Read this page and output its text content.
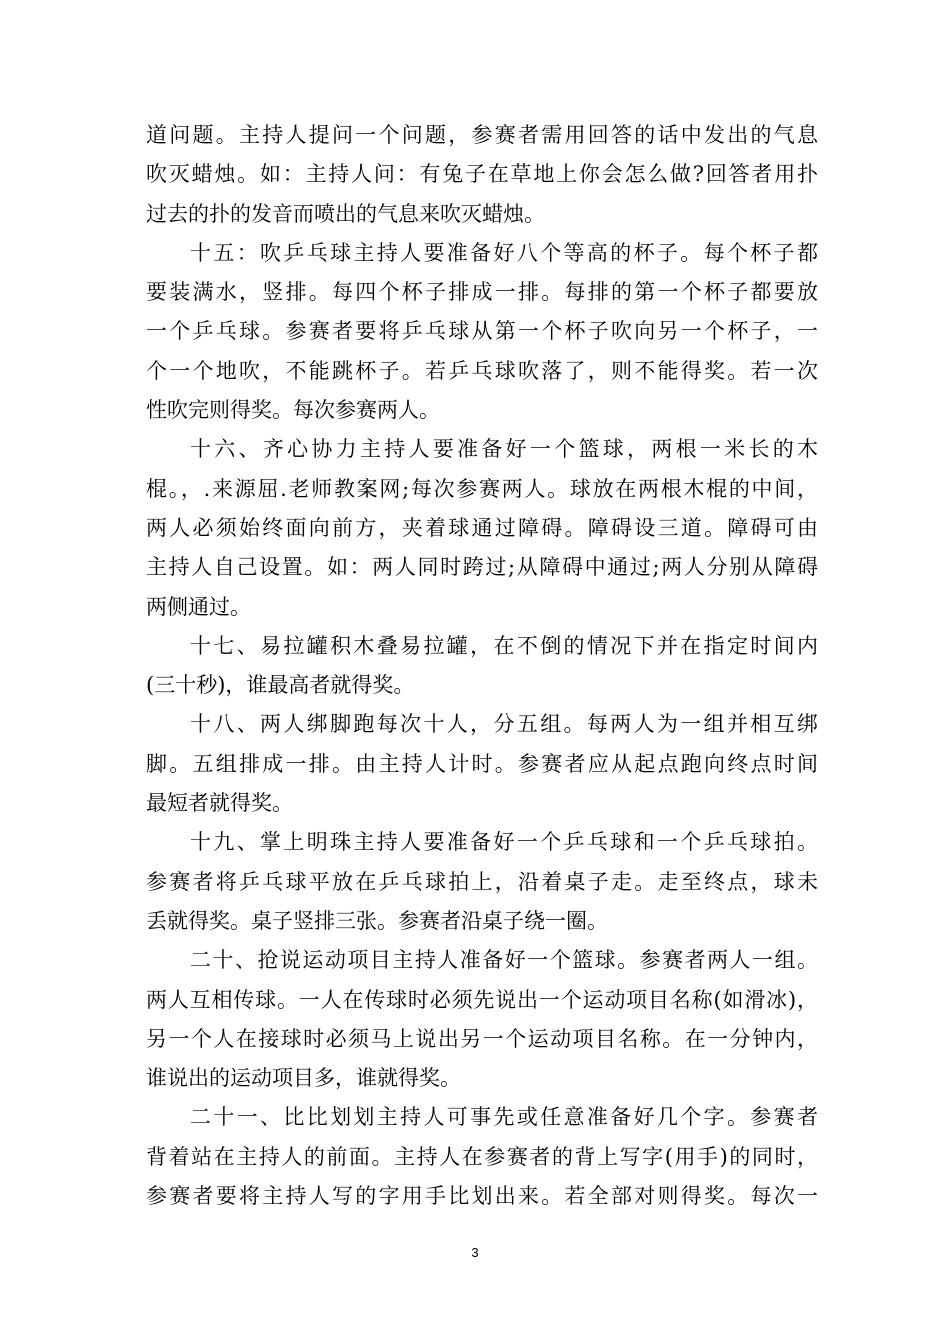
道问题。主持人提问一个问题，参赛者需用回答的话中发出的气息
吹灭蜡烛。如：主持人问：有兔子在草地上你会怎么做?回答者用扑
过去的扑的发音而喷出的气息来吹灭蜡烛。
十五：吹乒乓球主持人要准备好八个等高的杯子。每个杯子都
要装满水，竖排。每四个杯子排成一排。每排的第一个杯子都要放
一个乒乓球。参赛者要将乒乓球从第一个杯子吹向另一个杯子，一
个一个地吹，不能跳杯子。若乒乓球吹落了，则不能得奖。若一次
性吹完则得奖。每次参赛两人。
十六、齐心协力主持人要准备好一个篮球，两根一米长的木
棍。，.来源屈.老师教案网;每次参赛两人。球放在两根木棍的中间，
两人必须始终面向前方，夹着球通过障碍。障碍设三道。障碍可由
主持人自己设置。如：两人同时跨过;从障碍中通过;两人分别从障碍
两侧通过。
十七、易拉罐积木叠易拉罐，在不倒的情况下并在指定时间内
(三十秒)，谁最高者就得奖。
十八、两人绑脚跑每次十人，分五组。每两人为一组并相互绑
脚。五组排成一排。由主持人计时。参赛者应从起点跑向终点时间
最短者就得奖。
十九、掌上明珠主持人要准备好一个乒乓球和一个乒乓球拍。
参赛者将乒乓球平放在乒乓球拍上，沿着桌子走。走至终点，球未
丢就得奖。桌子竖排三张。参赛者沿桌子绕一圈。
二十、抢说运动项目主持人准备好一个篮球。参赛者两人一组。
两人互相传球。一人在传球时必须先说出一个运动项目名称(如滑冰)，
另一个人在接球时必须马上说出另一个运动项目名称。在一分钟内，
谁说出的运动项目多，谁就得奖。
二十一、比比划划主持人可事先或任意准备好几个字。参赛者
背着站在主持人的前面。主持人在参赛者的背上写字(用手)的同时，
参赛者要将主持人写的字用手比划出来。若全部对则得奖。每次一
3
